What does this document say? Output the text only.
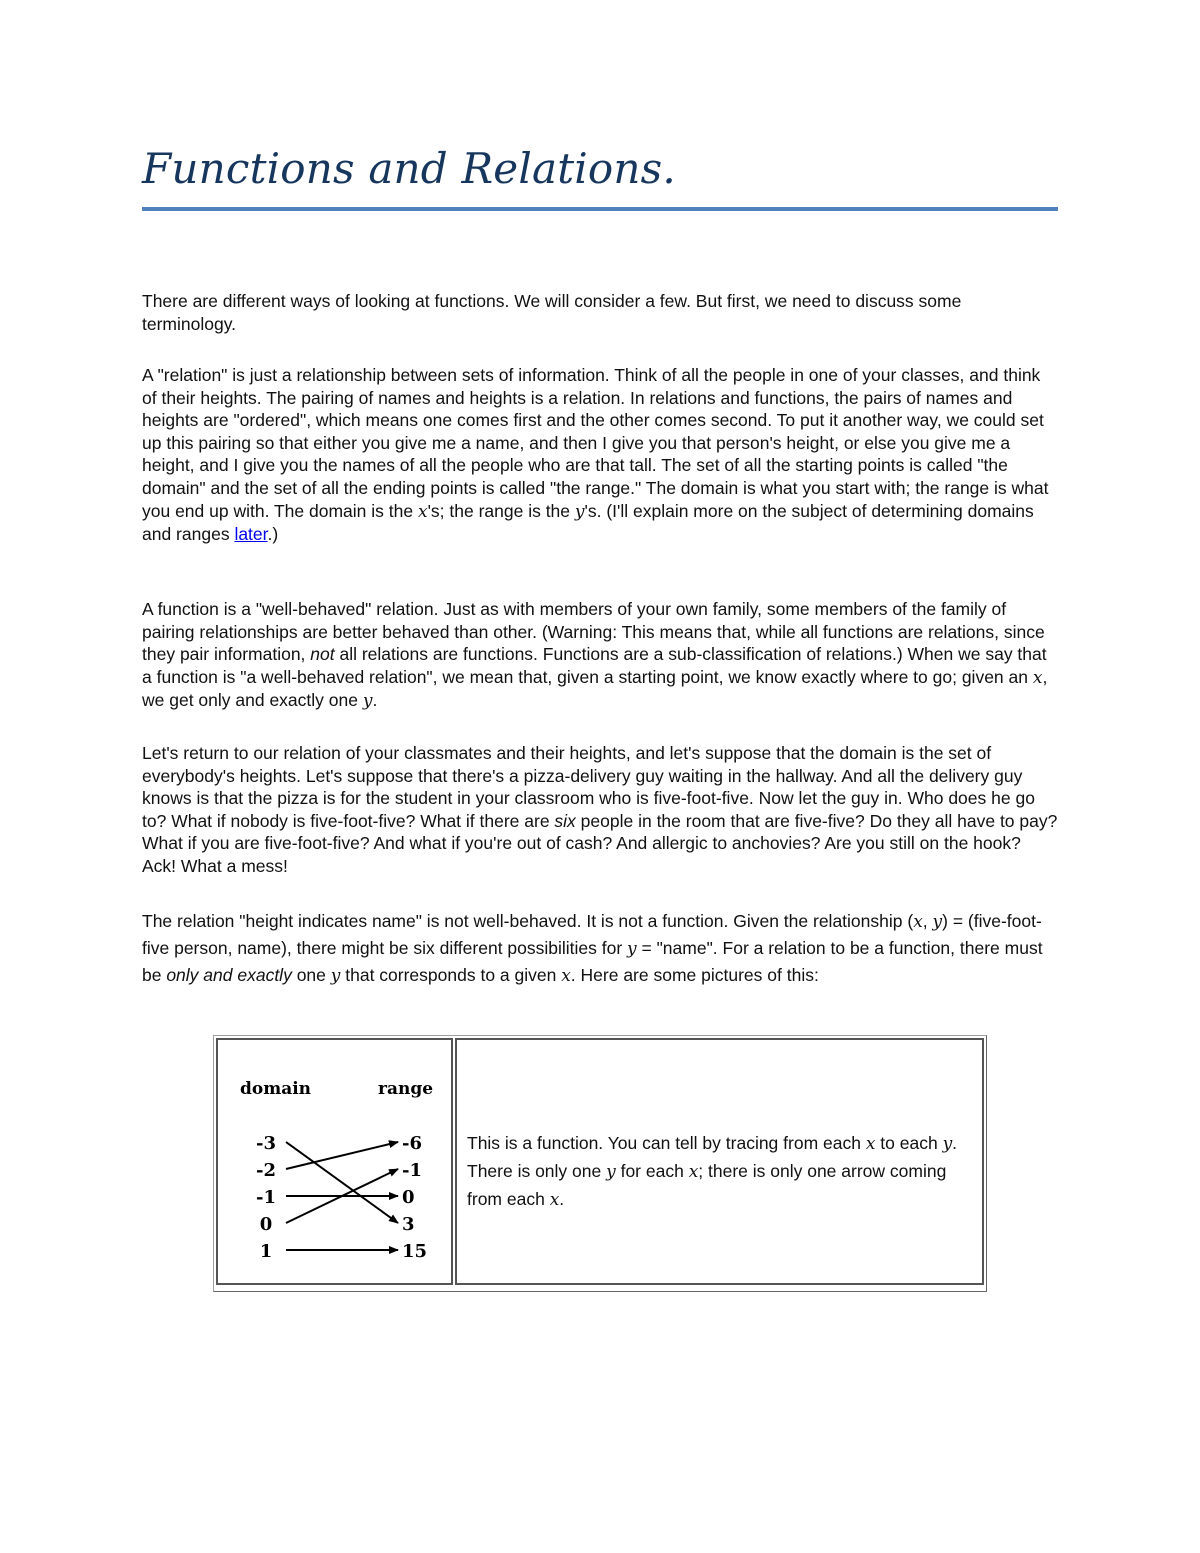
Functions and Relations.

There are different ways of looking at functions. We will consider a few. But first, we need to discuss some terminology.

A "relation" is just a relationship between sets of information. Think of all the people in one of your classes, and think of their heights. The pairing of names and heights is a relation. In relations and functions, the pairs of names and heights are "ordered", which means one comes first and the other comes second. To put it another way, we could set up this pairing so that either you give me a name, and then I give you that person's height, or else you give me a height, and I give you the names of all the people who are that tall. The set of all the starting points is called "the domain" and the set of all the ending points is called "the range." The domain is what you start with; the range is what you end up with. The domain is the x's; the range is the y's. (I'll explain more on the subject of determining domains and ranges later.)

A function is a "well-behaved" relation. Just as with members of your own family, some members of the family of pairing relationships are better behaved than other. (Warning: This means that, while all functions are relations, since they pair information, not all relations are functions. Functions are a sub-classification of relations.) When we say that a function is "a well-behaved relation", we mean that, given a starting point, we know exactly where to go; given an x, we get only and exactly one y.

Let's return to our relation of your classmates and their heights, and let's suppose that the domain is the set of everybody's heights. Let's suppose that there's a pizza-delivery guy waiting in the hallway. And all the delivery guy knows is that the pizza is for the student in your classroom who is five-foot-five. Now let the guy in. Who does he go to? What if nobody is five-foot-five? What if there are six people in the room that are five-five? Do they all have to pay? What if you are five-foot-five? And what if you're out of cash? And allergic to anchovies? Are you still on the hook? Ack! What a mess!

The relation "height indicates name" is not well-behaved. It is not a function. Given the relationship (x, y) = (five-foot-five person, name), there might be six different possibilities for y = "name". For a relation to be a function, there must be only and exactly one y that corresponds to a given x. Here are some pictures of this:

domain	range
-3
-2
-1
0
1
-6
-1
0
3
15

This is a function. You can tell by tracing from each x to each y. There is only one y for each x; there is only one arrow coming from each x.
